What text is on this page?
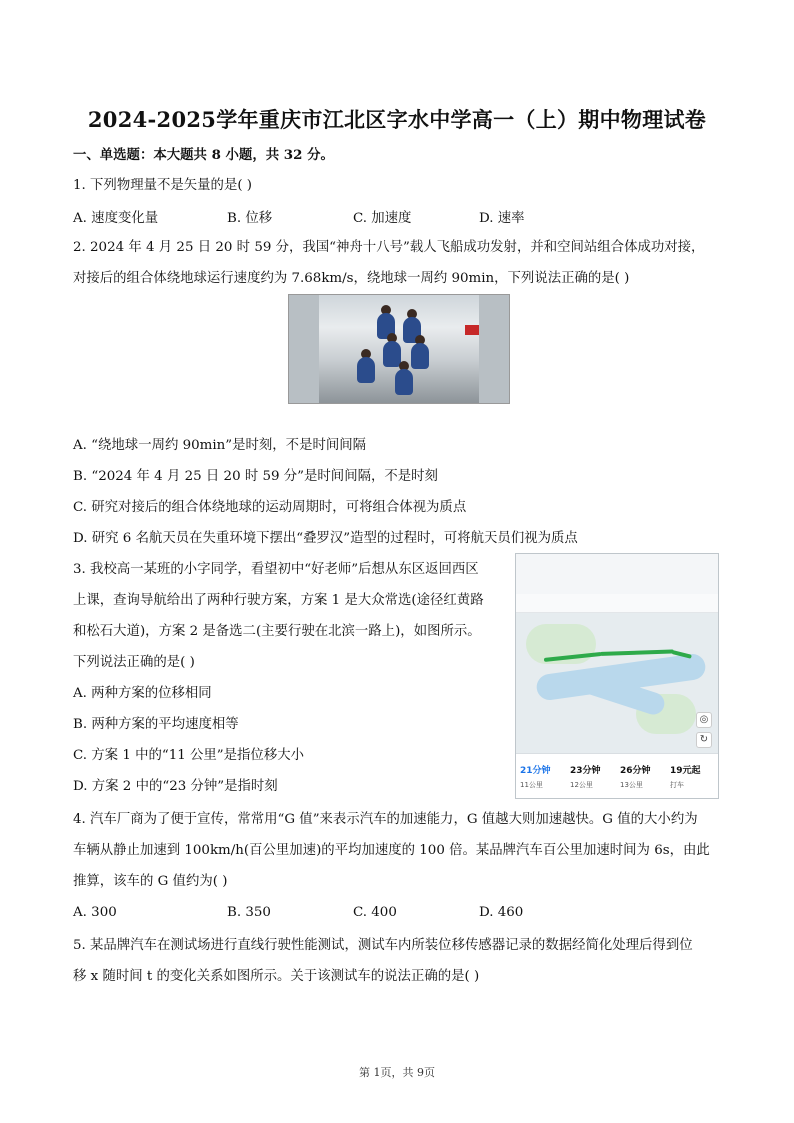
2024-2025学年重庆市江北区字水中学高一（上）期中物理试卷
一、单选题：本大题共 8 小题，共 32 分。
1. 下列物理量不是矢量的是( )
A. 速度变化量	B. 位移	C. 加速度	D. 速率
2. 2024 年 4 月 25 日 20 时 59 分，我国“神舟十八号”载人飞船成功发射，并和空间站组合体成功对接，
对接后的组合体绕地球运行速度约为 7.68km/s，绕地球一周约 90min，下列说法正确的是( )
A. “绕地球一周约 90min”是时刻，不是时间间隔
B. “2024 年 4 月 25 日 20 时 59 分”是时间间隔，不是时刻
C. 研究对接后的组合体绕地球的运动周期时，可将组合体视为质点
D. 研究 6 名航天员在失重环境下摆出“叠罗汉”造型的过程时，可将航天员们视为质点
3. 我校高一某班的小字同学，看望初中“好老师”后想从东区返回西区
上课，查询导航给出了两种行驶方案，方案 1 是大众常选(途径红黄路
和松石大道)，方案 2 是备选二(主要行驶在北滨一路上)，如图所示。
下列说法正确的是( )
A. 两种方案的位移相同
B. 两种方案的平均速度相等
C. 方案 1 中的“11 公里”是指位移大小
D. 方案 2 中的“23 分钟”是指时刻
◎
↻
21分钟
11公里
23分钟
12公里
26分钟
13公里
19元起
打车
4. 汽车厂商为了便于宣传，常常用“G 值”来表示汽车的加速能力，G 值越大则加速越快。G 值的大小约为
车辆从静止加速到 100km/h(百公里加速)的平均加速度的 100 倍。某品牌汽车百公里加速时间为 6s，由此
推算，该车的 G 值约为( )
A. 300	B. 350	C. 400	D. 460
5. 某品牌汽车在测试场进行直线行驶性能测试，测试车内所装位移传感器记录的数据经简化处理后得到位
移 x 随时间 t 的变化关系如图所示。关于该测试车的说法正确的是( )
第 1页，共 9页
